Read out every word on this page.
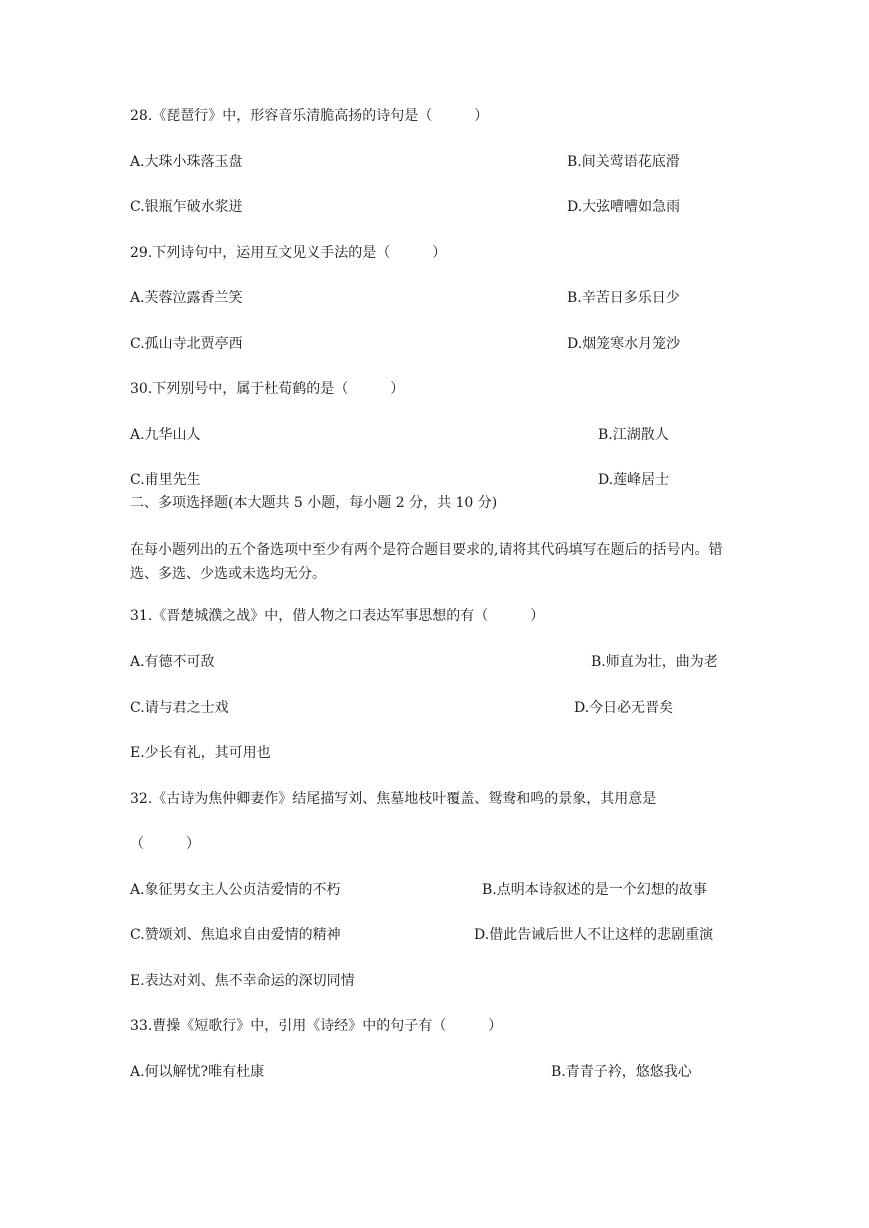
28.《琵琶行》中，形容音乐清脆高扬的诗句是（　　　）
A.大珠小珠落玉盘	B.间关莺语花底滑
C.银瓶乍破水浆迸	D.大弦嘈嘈如急雨
29.下列诗句中，运用互文见义手法的是（　　　）
A.芙蓉泣露香兰笑	B.辛苦日多乐日少
C.孤山寺北贾亭西	D.烟笼寒水月笼沙
30.下列别号中，属于杜荀鹤的是（　　　）
A.九华山人	B.江湖散人
C.甫里先生	D.莲峰居士
二、多项选择题(本大题共 5 小题，每小题 2 分，共 10 分)
在每小题列出的五个备选项中至少有两个是符合题目要求的,请将其代码填写在题后的括号内。错选、多选、少选或未选均无分。
31.《晋楚城濮之战》中，借人物之口表达军事思想的有（　　　）
A.有德不可敌	B.师直为壮，曲为老
C.请与君之士戏	D.今日必无晋矣
E.少长有礼，其可用也
32.《古诗为焦仲卿妻作》结尾描写刘、焦墓地枝叶覆盖、鸳鸯和鸣的景象，其用意是
（　　　）
A.象征男女主人公贞洁爱情的不朽	B.点明本诗叙述的是一个幻想的故事
C.赞颂刘、焦追求自由爱情的精神	D.借此告诫后世人不让这样的悲剧重演
E.表达对刘、焦不幸命运的深切同情
33.曹操《短歌行》中，引用《诗经》中的句子有（　　　）
A.何以解忧?唯有杜康	B.青青子衿，悠悠我心
